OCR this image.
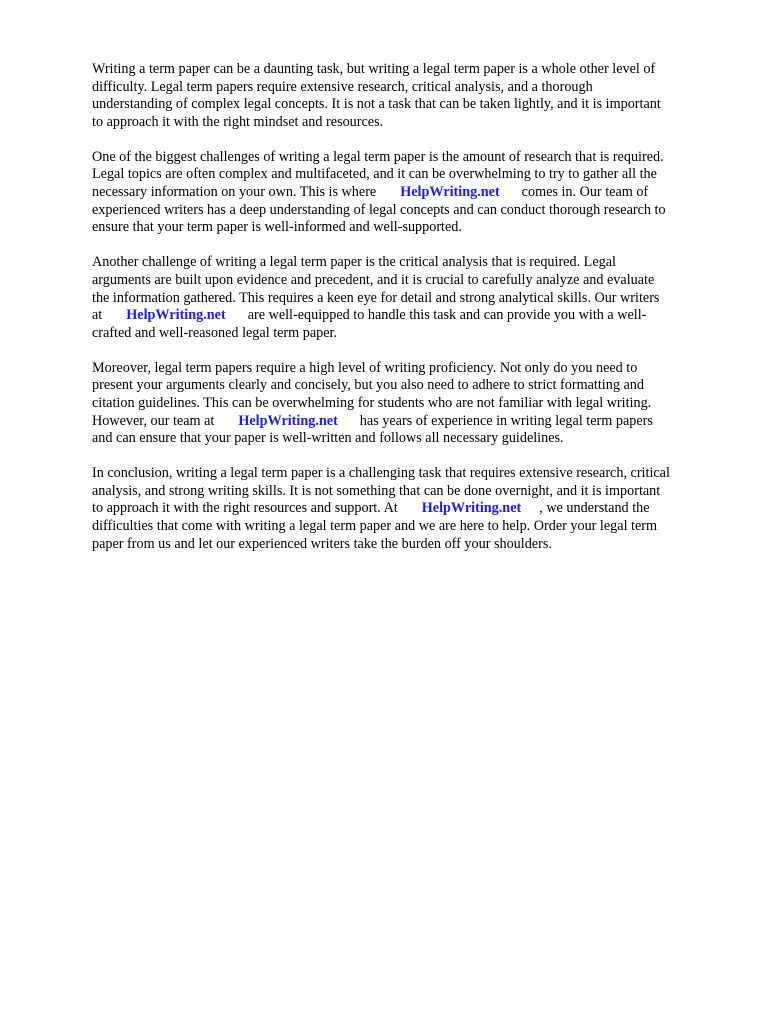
Writing a term paper can be a daunting task, but writing a legal term paper is a whole other level of
difficulty. Legal term papers require extensive research, critical analysis, and a thorough
understanding of complex legal concepts. It is not a task that can be taken lightly, and it is important
to approach it with the right mindset and resources.

One of the biggest challenges of writing a legal term paper is the amount of research that is required.
Legal topics are often complex and multifaceted, and it can be overwhelming to try to gather all the
necessary information on your own. This is where HelpWriting.net comes in. Our team of
experienced writers has a deep understanding of legal concepts and can conduct thorough research to
ensure that your term paper is well-informed and well-supported.

Another challenge of writing a legal term paper is the critical analysis that is required. Legal
arguments are built upon evidence and precedent, and it is crucial to carefully analyze and evaluate
the information gathered. This requires a keen eye for detail and strong analytical skills. Our writers
at HelpWriting.net are well-equipped to handle this task and can provide you with a well-
crafted and well-reasoned legal term paper.

Moreover, legal term papers require a high level of writing proficiency. Not only do you need to
present your arguments clearly and concisely, but you also need to adhere to strict formatting and
citation guidelines. This can be overwhelming for students who are not familiar with legal writing.
However, our team at HelpWriting.net has years of experience in writing legal term papers
and can ensure that your paper is well-written and follows all necessary guidelines.

In conclusion, writing a legal term paper is a challenging task that requires extensive research, critical
analysis, and strong writing skills. It is not something that can be done overnight, and it is important
to approach it with the right resources and support. At HelpWriting.net , we understand the
difficulties that come with writing a legal term paper and we are here to help. Order your legal term
paper from us and let our experienced writers take the burden off your shoulders.
